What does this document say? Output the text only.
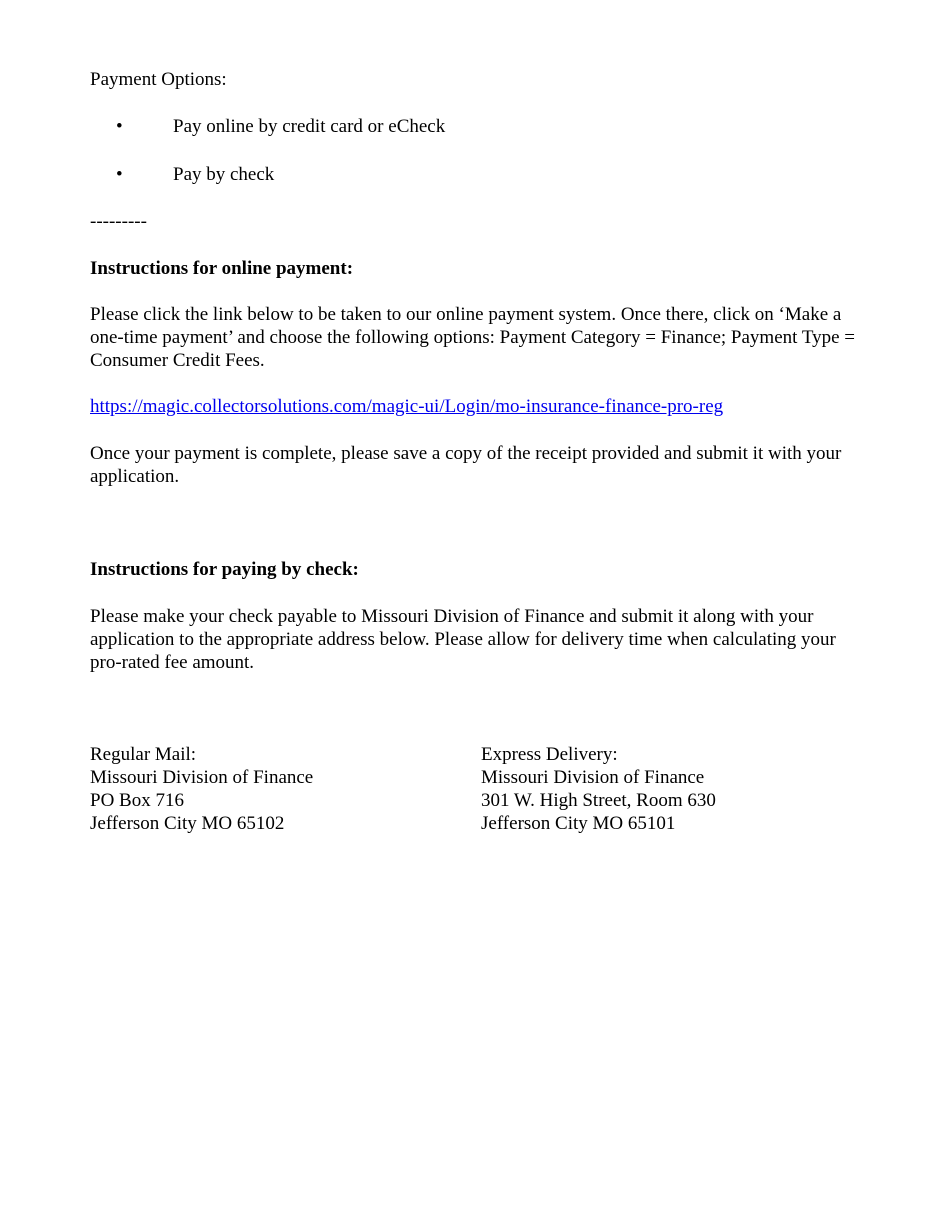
Payment Options:

•	Pay online by credit card or eCheck
•	Pay by check

---------

Instructions for online payment:

Please click the link below to be taken to our online payment system. Once there, click on ‘Make a one-time payment’ and choose the following options: Payment Category = Finance; Payment Type = Consumer Credit Fees.

https://magic.collectorsolutions.com/magic-ui/Login/mo-insurance-finance-pro-reg

Once your payment is complete, please save a copy of the receipt provided and submit it with your application.

Instructions for paying by check:

Please make your check payable to Missouri Division of Finance and submit it along with your application to the appropriate address below. Please allow for delivery time when calculating your pro-rated fee amount.

Regular Mail:
Missouri Division of Finance
PO Box 716
Jefferson City MO 65102
Express Delivery:
Missouri Division of Finance
301 W. High Street, Room 630
Jefferson City MO 65101
